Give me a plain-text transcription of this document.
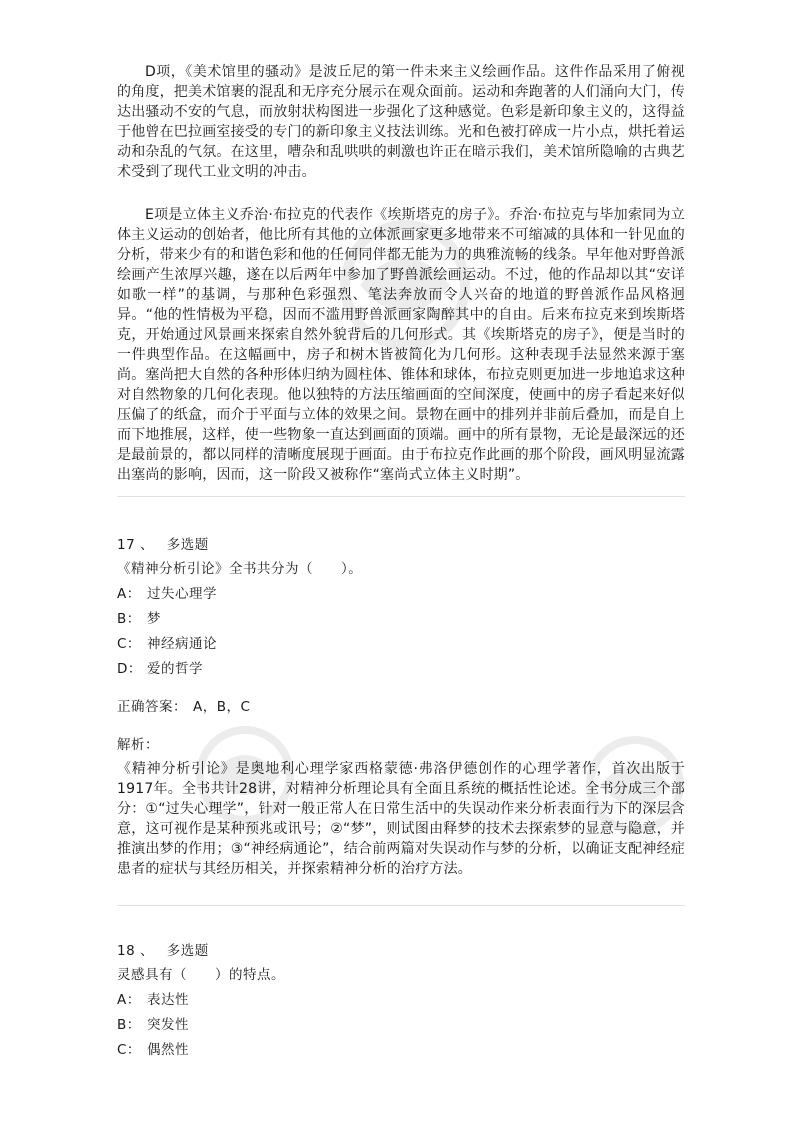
D项，《美术馆里的骚动》是波丘尼的第一件未来主义绘画作品。这件作品采用了俯视的角度，把美术馆裹的混乱和无序充分展示在观众面前。运动和奔跑著的人们涌向大门，传达出骚动不安的气息，而放射状构图进一步强化了这种感觉。色彩是新印象主义的，这得益于他曾在巴拉画室接受的专门的新印象主义技法训练。光和色被打碎成一片小点，烘托着运动和杂乱的气氛。在这里，嘈杂和乱哄哄的刺激也许正在暗示我们，美术馆所隐喻的古典艺术受到了现代工业文明的冲击。

E项是立体主义乔治·布拉克的代表作《埃斯塔克的房子》。乔治·布拉克与毕加索同为立体主义运动的创始者，他比所有其他的立体派画家更多地带来不可缩减的具体和一针见血的分析，带来少有的和谐色彩和他的任何同伴都无能为力的典雅流畅的线条。早年他对野兽派绘画产生浓厚兴趣，遂在以后两年中参加了野兽派绘画运动。不过，他的作品却以其“安详如歌一样”的基调，与那种色彩强烈、笔法奔放而令人兴奋的地道的野兽派作品风格迥异。“他的性情极为平稳，因而不滥用野兽派画家陶醉其中的自由。后来布拉克来到埃斯塔克，开始通过风景画来探索自然外貌背后的几何形式。其《埃斯塔克的房子》，便是当时的一件典型作品。在这幅画中，房子和树木皆被简化为几何形。这种表现手法显然来源于塞尚。塞尚把大自然的各种形体归纳为圆柱体、锥体和球体，布拉克则更加进一步地追求这种对自然物象的几何化表现。他以独特的方法压缩画面的空间深度，使画中的房子看起来好似压偏了的纸盒，而介于平面与立体的效果之间。景物在画中的排列并非前后叠加，而是自上而下地推展，这样，使一些物象一直达到画面的顶端。画中的所有景物，无论是最深远的还是最前景的，都以同样的清晰度展现于画面。由于布拉克作此画的那个阶段，画风明显流露出塞尚的影响，因而，这一阶段又被称作“塞尚式立体主义时期”。

17 、 多选题

《精神分析引论》全书共分为（　　）。

A： 过失心理学
B： 梦
C： 神经病通论
D： 爱的哲学
正确答案： A，B，C
解析：

《精神分析引论》是奥地利心理学家西格蒙德·弗洛伊德创作的心理学著作，首次出版于1917年。全书共计28讲，对精神分析理论具有全面且系统的概括性论述。全书分成三个部分：①“过失心理学”，针对一般正常人在日常生活中的失误动作来分析表面行为下的深层含意，这可视作是某种预兆或讯号；②“梦”，则试图由释梦的技术去探索梦的显意与隐意，并推演出梦的作用；③“神经病通论”，结合前两篇对失误动作与梦的分析，以确证支配神经症患者的症状与其经历相关，并探索精神分析的治疗方法。

18 、 多选题

灵感具有（　　）的特点。

A： 表达性
B： 突发性
C： 偶然性
